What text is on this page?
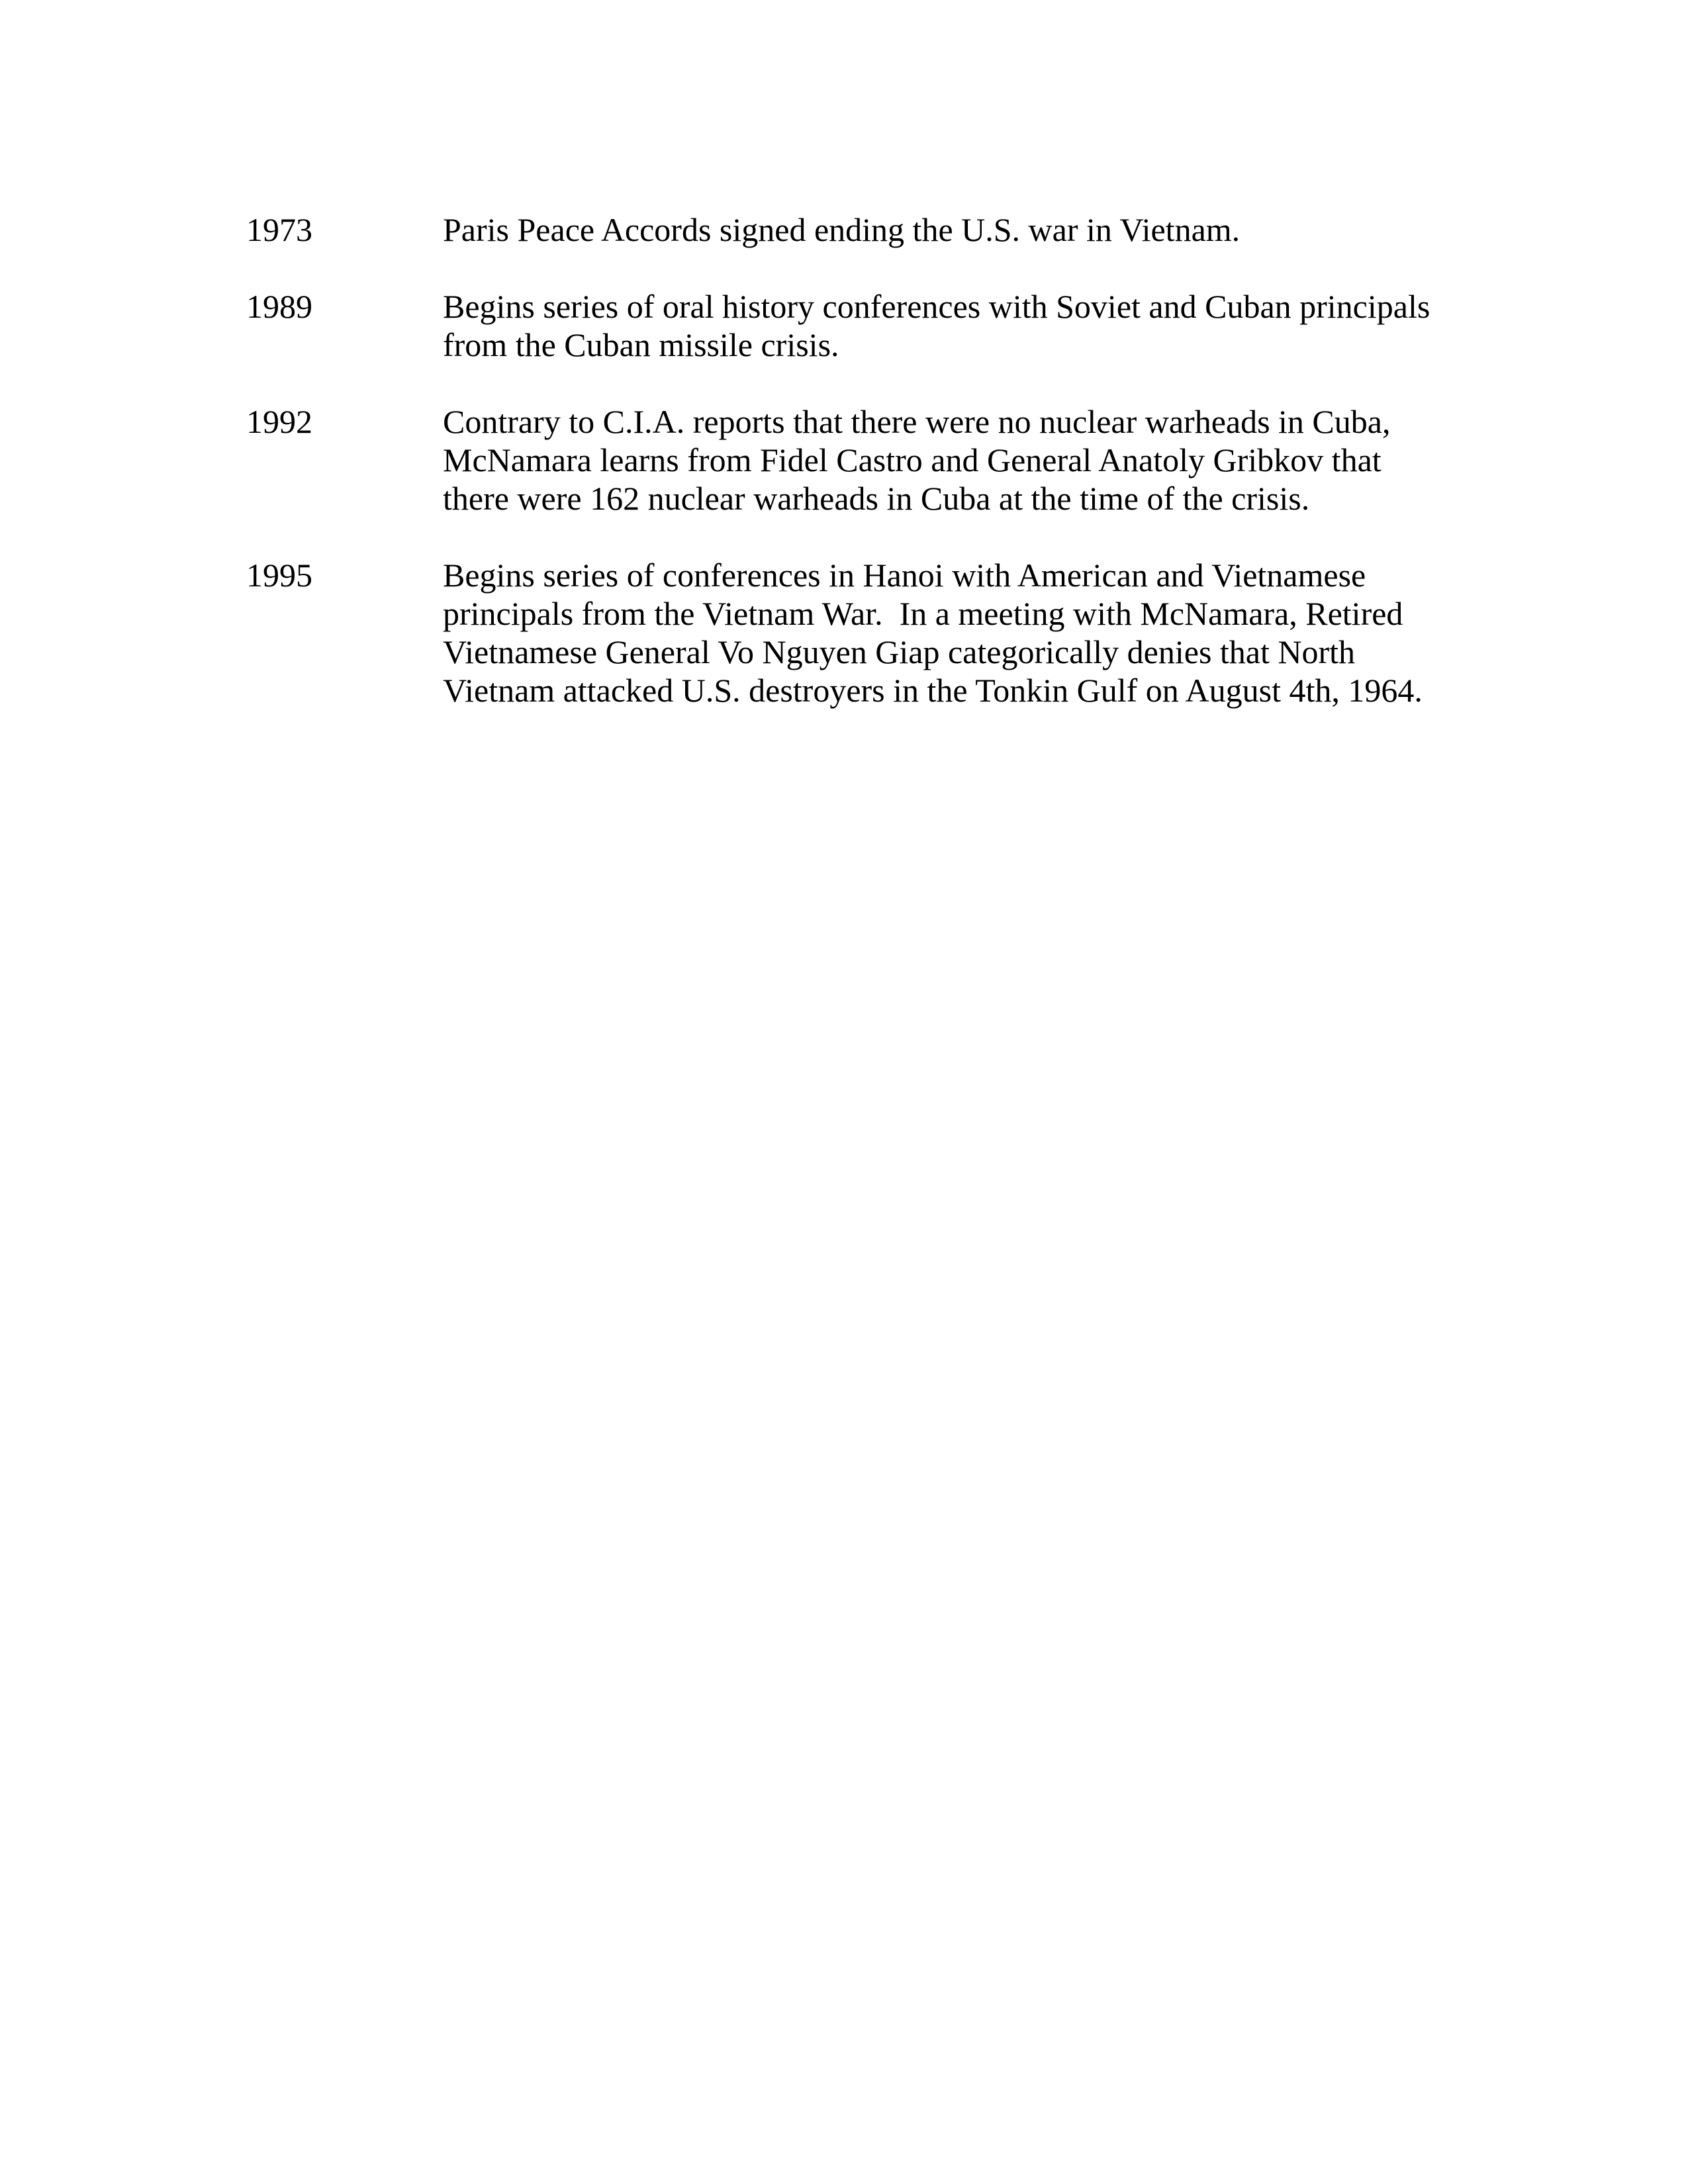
1973	Paris Peace Accords signed ending the U.S. war in Vietnam.
1989	Begins series of oral history conferences with Soviet and Cuban principals
from the Cuban missile crisis.
1992	Contrary to C.I.A. reports that there were no nuclear warheads in Cuba,
McNamara learns from Fidel Castro and General Anatoly Gribkov that
there were 162 nuclear warheads in Cuba at the time of the crisis.
1995	Begins series of conferences in Hanoi with American and Vietnamese
principals from the Vietnam War.  In a meeting with McNamara, Retired
Vietnamese General Vo Nguyen Giap categorically denies that North
Vietnam attacked U.S. destroyers in the Tonkin Gulf on August 4th, 1964.
